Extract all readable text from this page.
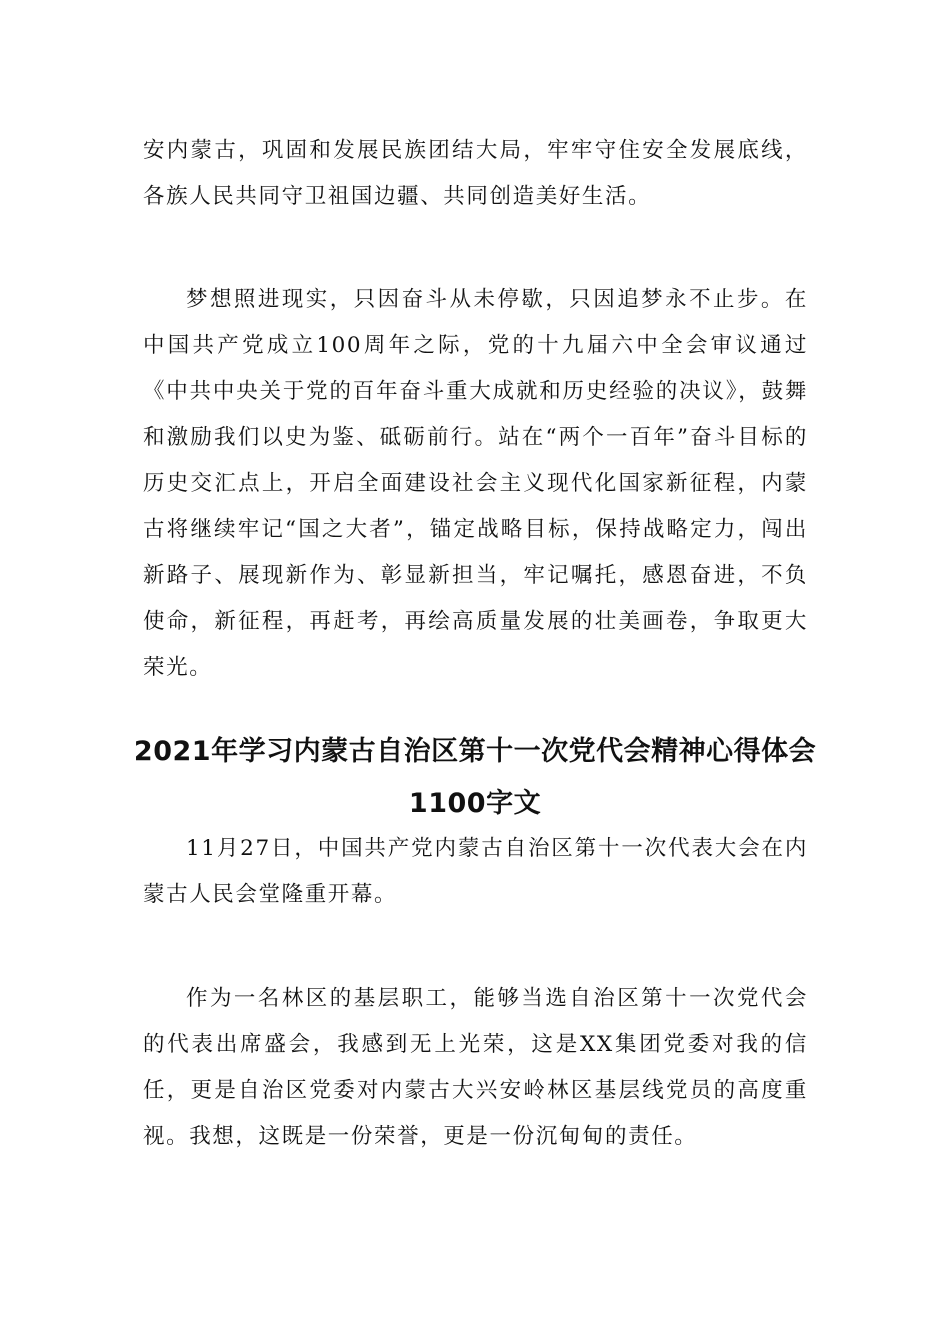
安内蒙古，巩固和发展民族团结大局，牢牢守住安全发展底线，各族人民共同守卫祖国边疆、共同创造美好生活。

梦想照进现实，只因奋斗从未停歇，只因追梦永不止步。在中国共产党成立100周年之际，党的十九届六中全会审议通过《中共中央关于党的百年奋斗重大成就和历史经验的决议》，鼓舞和激励我们以史为鉴、砥砺前行。站在“两个一百年”奋斗目标的历史交汇点上，开启全面建设社会主义现代化国家新征程，内蒙古将继续牢记“国之大者”，锚定战略目标，保持战略定力，闯出新路子、展现新作为、彰显新担当，牢记嘱托，感恩奋进，不负使命，新征程，再赶考，再绘高质量发展的壮美画卷，争取更大荣光。

2021年学习内蒙古自治区第十一次党代会精神心得体会1100字文

11月27日，中国共产党内蒙古自治区第十一次代表大会在内蒙古人民会堂隆重开幕。

作为一名林区的基层职工，能够当选自治区第十一次党代会的代表出席盛会，我感到无上光荣，这是XX集团党委对我的信任，更是自治区党委对内蒙古大兴安岭林区基层线党员的高度重视。我想，这既是一份荣誉，更是一份沉甸甸的责任。
